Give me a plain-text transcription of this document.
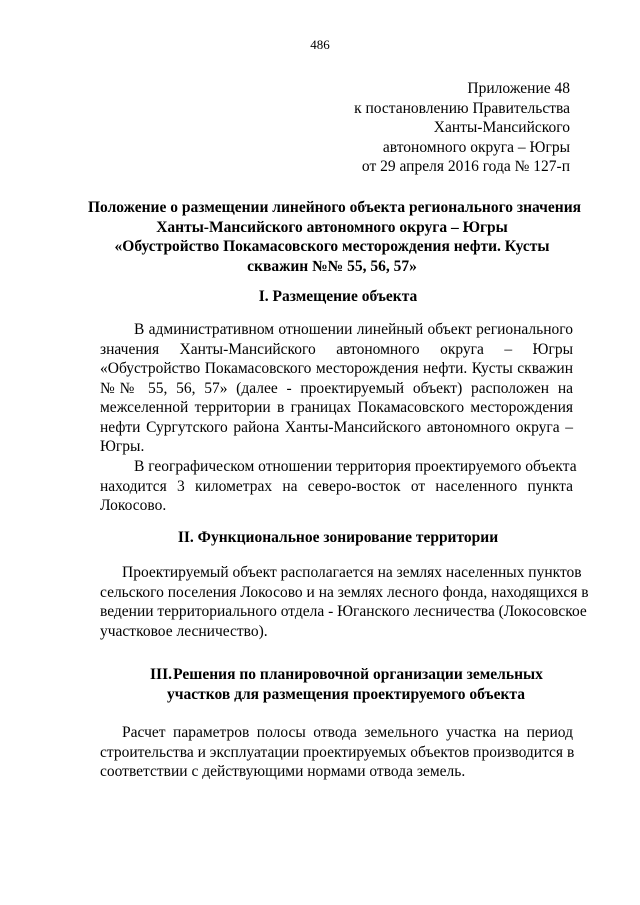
486
Приложение 48
к постановлению Правительства
Ханты-Мансийского
автономного округа – Югры
от 29 апреля 2016 года № 127-п
Положение о размещении линейного объекта регионального значения
Ханты-Мансийского автономного округа – Югры
«Обустройство Покамасовского месторождения нефти. Кусты
скважин №№ 55, 56, 57»
I. Размещение объекта
В административном отношении линейный объект регионального
значения Ханты-Мансийского автономного округа – Югры
«Обустройство Покамасовского месторождения нефти. Кусты скважин
№№ 55, 56, 57» (далее - проектируемый объект) расположен на
межселенной территории в границах Покамасовского месторождения
нефти Сургутского района Ханты-Мансийского автономного округа –
Югры.
В географическом отношении территория проектируемого объекта
находится 3 километрах на северо-восток от населенного пункта
Локосово.
II. Функциональное зонирование территории
Проектируемый объект располагается на землях населенных пунктов
сельского поселения Локосово и на землях лесного фонда, находящихся в
ведении территориального отдела - Юганского лесничества (Локосовское
участковое лесничество).
III. Решения по планировочной организации земельных
участков для размещения проектируемого объекта
Расчет параметров полосы отвода земельного участка на период
строительства и эксплуатации проектируемых объектов производится в
соответствии с действующими нормами отвода земель.
